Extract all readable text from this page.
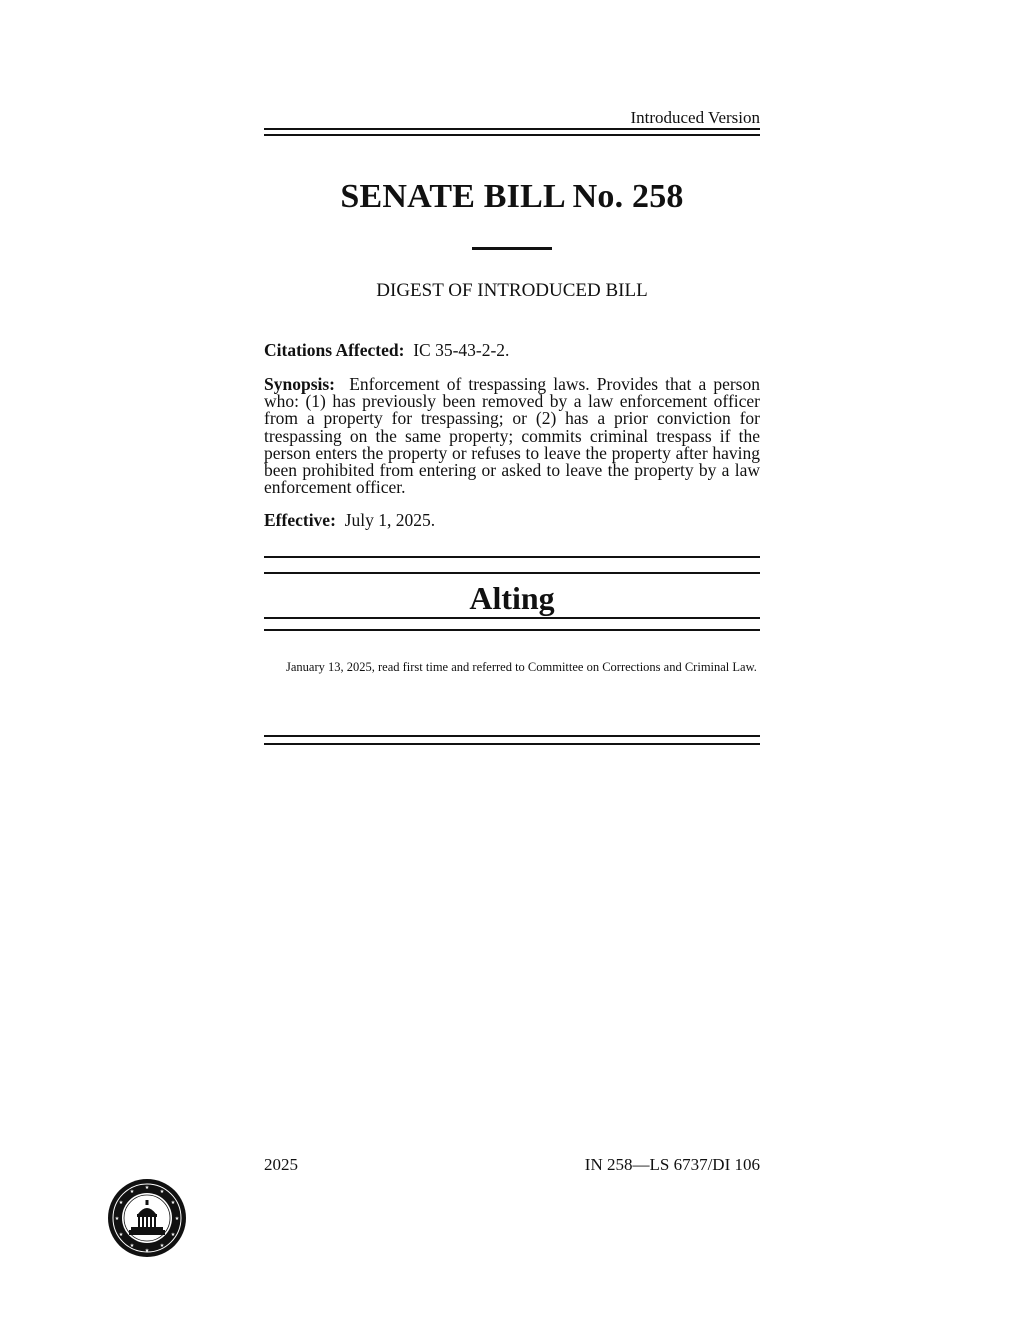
Introduced Version
SENATE BILL No. 258
DIGEST OF INTRODUCED BILL
Citations Affected: IC 35-43-2-2.
Synopsis: Enforcement of trespassing laws. Provides that a person who: (1) has previously been removed by a law enforcement officer from a property for trespassing; or (2) has a prior conviction for trespassing on the same property; commits criminal trespass if the person enters the property or refuses to leave the property after having been prohibited from entering or asked to leave the property by a law enforcement officer.
Effective: July 1, 2025.
Alting
January 13, 2025, read first time and referred to Committee on Corrections and Criminal Law.
2025	IN 258—LS 6737/DI 106
★
★
★
★
★
★
★
★
★
★
★
★
